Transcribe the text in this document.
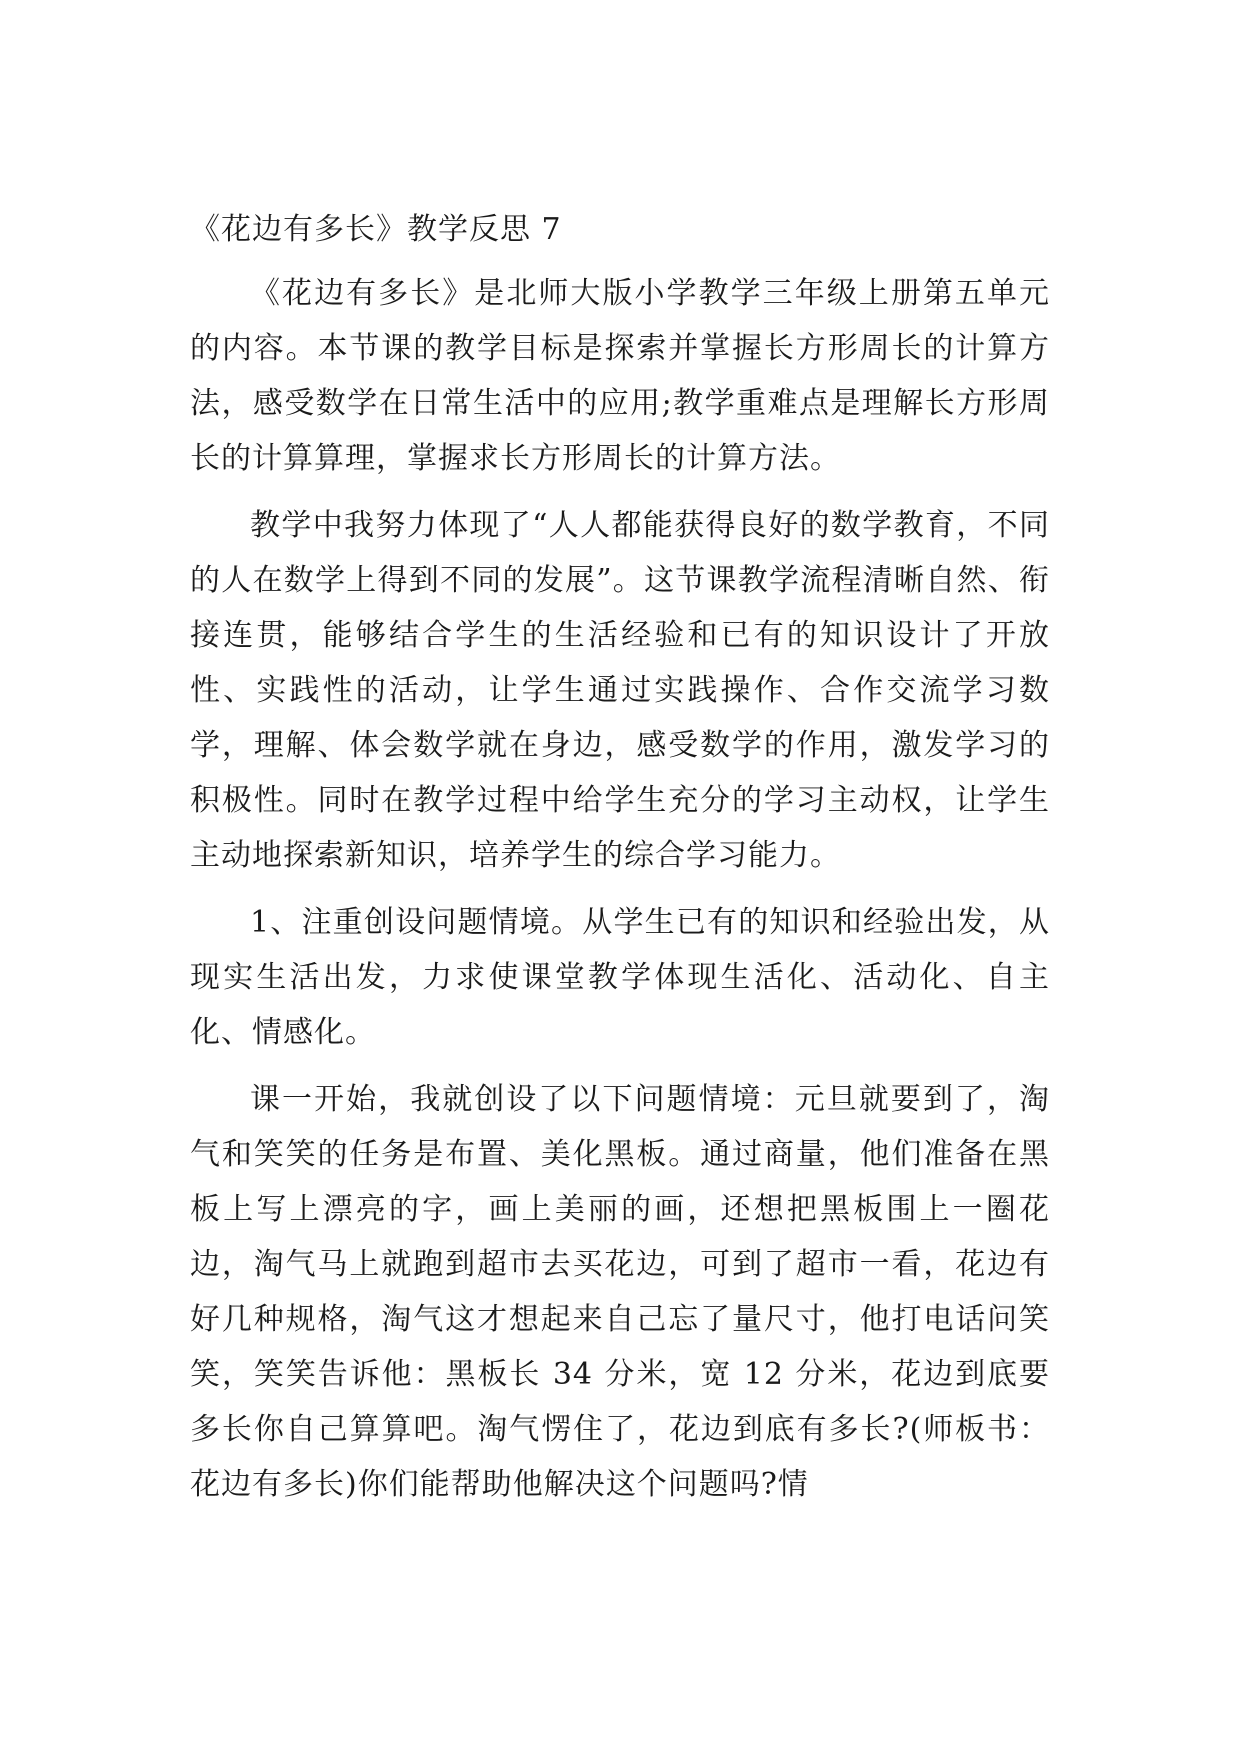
《花边有多长》教学反思 7

《花边有多长》是北师大版小学教学三年级上册第五单元的内容。本节课的教学目标是探索并掌握长方形周长的计算方法，感受数学在日常生活中的应用;教学重难点是理解长方形周长的计算算理，掌握求长方形周长的计算方法。

教学中我努力体现了“人人都能获得良好的数学教育，不同的人在数学上得到不同的发展”。这节课教学流程清晰自然、衔接连贯，能够结合学生的生活经验和已有的知识设计了开放性、实践性的活动，让学生通过实践操作、合作交流学习数学，理解、体会数学就在身边，感受数学的作用，激发学习的积极性。同时在教学过程中给学生充分的学习主动权，让学生主动地探索新知识，培养学生的综合学习能力。

1、注重创设问题情境。从学生已有的知识和经验出发，从现实生活出发，力求使课堂教学体现生活化、活动化、自主化、情感化。

课一开始，我就创设了以下问题情境：元旦就要到了，淘气和笑笑的任务是布置、美化黑板。通过商量，他们准备在黑板上写上漂亮的字，画上美丽的画，还想把黑板围上一圈花边，淘气马上就跑到超市去买花边，可到了超市一看，花边有好几种规格，淘气这才想起来自己忘了量尺寸，他打电话问笑笑，笑笑告诉他：黑板长 34 分米，宽 12 分米，花边到底要多长你自己算算吧。淘气愣住了，花边到底有多长?(师板书：花边有多长)你们能帮助他解决这个问题吗?情
